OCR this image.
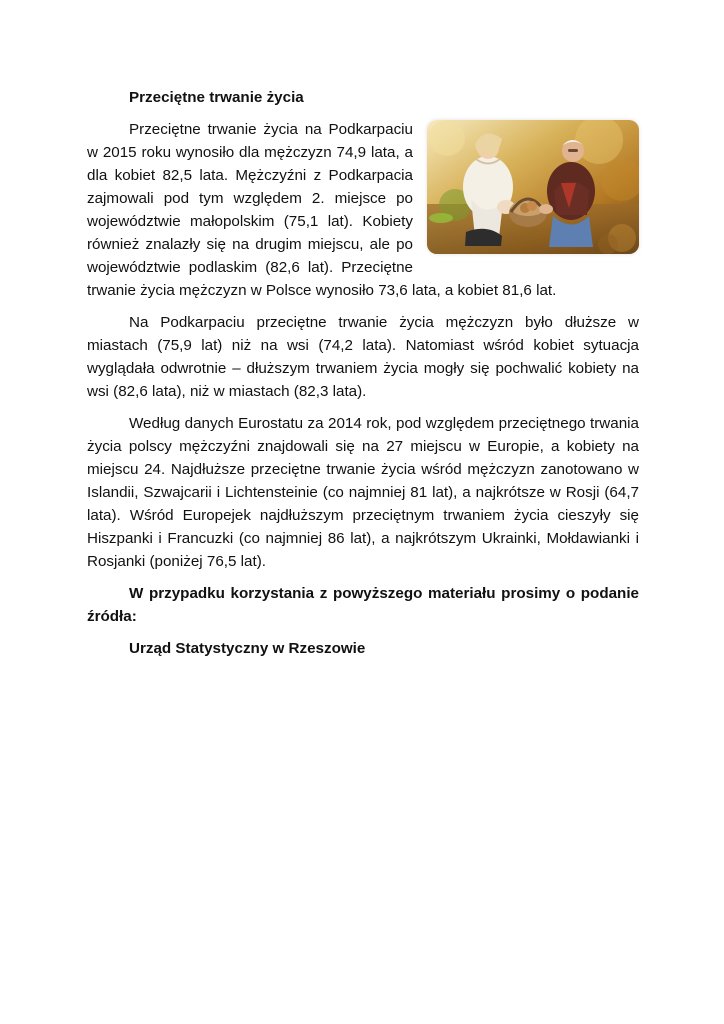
Przeciętne trwanie życia

Przeciętne trwanie życia na Podkarpaciu w 2015 roku wynosiło dla mężczyzn 74,9 lata, a dla kobiet 82,5 lata. Mężczyźni z Podkarpacia zajmowali pod tym względem 2. miejsce po województwie małopolskim (75,1 lat). Kobiety również znalazły się na drugim miejscu, ale po województwie podlaskim (82,6 lat). Przeciętne trwanie życia mężczyzn w Polsce wynosiło 73,6 lata, a kobiet 81,6 lat.

Na Podkarpaciu przeciętne trwanie życia mężczyzn było dłuższe w miastach (75,9 lat) niż na wsi (74,2 lata). Natomiast wśród kobiet sytuacja wyglądała odwrotnie – dłuższym trwaniem życia mogły się pochwalić kobiety na wsi (82,6 lata), niż w miastach (82,3 lata).

Według danych Eurostatu za 2014 rok, pod względem przeciętnego trwania życia polscy mężczyźni znajdowali się na 27 miejscu w Europie, a kobiety na miejscu 24. Najdłuższe przeciętne trwanie życia wśród mężczyzn zanotowano w Islandii, Szwajcarii i Lichtensteinie (co najmniej 81 lat), a najkrótsze w Rosji (64,7 lata). Wśród Europejek najdłuższym przeciętnym trwaniem życia cieszyły się Hiszpanki i Francuzki (co najmniej 86 lat), a najkrótszym Ukrainki, Mołdawianki i Rosjanki (poniżej 76,5 lat).

W przypadku korzystania z powyższego materiału prosimy o podanie źródła:

Urząd Statystyczny w Rzeszowie
